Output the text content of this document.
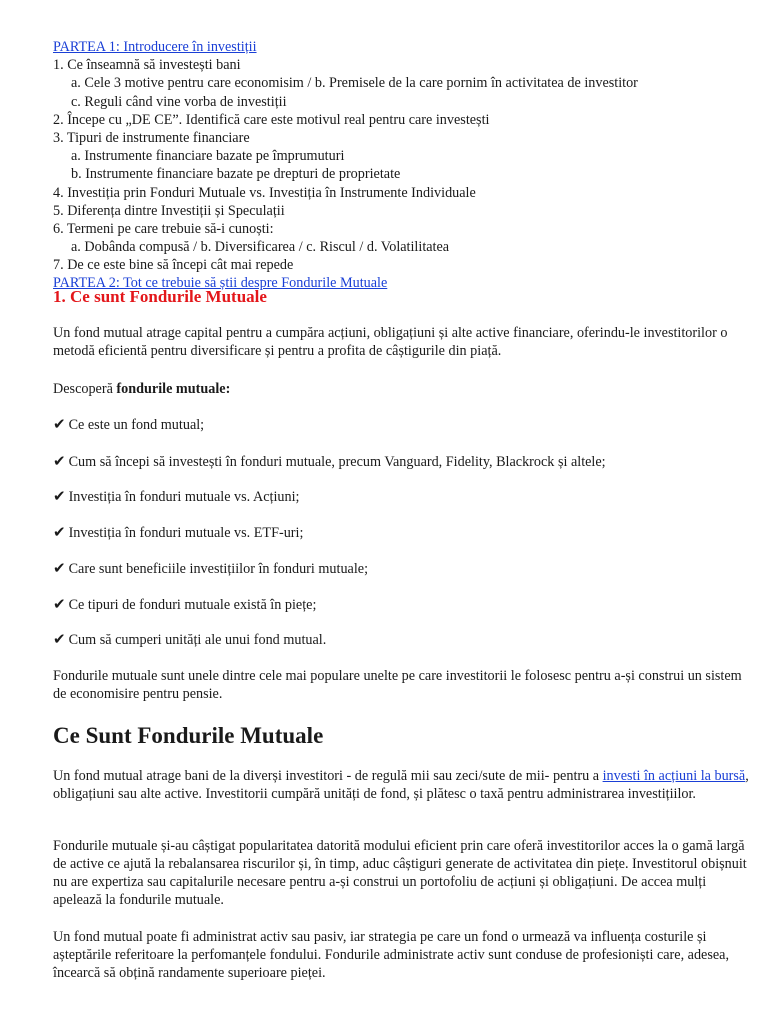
PARTEA 1: Introducere în investiții
1. Ce înseamnă să investești bani
a. Cele 3 motive pentru care economisim / b. Premisele de la care pornim în activitatea de investitor
c. Reguli când vine vorba de investiții
2. Începe cu „DE CE”. Identifică care este motivul real pentru care investești
3. Tipuri de instrumente financiare
a. Instrumente financiare bazate pe împrumuturi
b. Instrumente financiare bazate pe drepturi de proprietate
4. Investiția prin Fonduri Mutuale vs. Investiția în Instrumente Individuale
5. Diferența dintre Investiții și Speculații
6. Termeni pe care trebuie să-i cunoști:
a. Dobânda compusă / b. Diversificarea / c. Riscul / d. Volatilitatea
7. De ce este bine să începi cât mai repede
PARTEA 2: Tot ce trebuie să știi despre Fondurile Mutuale
1. Ce sunt Fondurile Mutuale
Un fond mutual atrage capital pentru a cumpăra acțiuni, obligațiuni și alte active financiare, oferindu-le investitorilor o metodă eficientă pentru diversificare și pentru a profita de câștigurile din piață.
Descoperă fondurile mutuale:
✔ Ce este un fond mutual;
✔ Cum să începi să investești în fonduri mutuale, precum Vanguard, Fidelity, Blackrock și altele;
✔ Investiția în fonduri mutuale vs. Acțiuni;
✔ Investiția în fonduri mutuale vs. ETF-uri;
✔ Care sunt beneficiile investițiilor în fonduri mutuale;
✔ Ce tipuri de fonduri mutuale există în piețe;
✔ Cum să cumperi unități ale unui fond mutual.
Fondurile mutuale sunt unele dintre cele mai populare unelte pe care investitorii le folosesc pentru a-și construi un sistem de economisire pentru pensie.
Ce Sunt Fondurile Mutuale
Un fond mutual atrage bani de la diverși investitori - de regulă mii sau zeci/sute de mii- pentru a investi în acțiuni la bursă, obligațiuni sau alte active. Investitorii cumpără unități de fond, și plătesc o taxă pentru administrarea investițiilor.
Fondurile mutuale și-au câștigat popularitatea datorită modului eficient prin care oferă investitorilor acces la o gamă largă de active ce ajută la rebalansarea riscurilor și, în timp, aduc câștiguri generate de activitatea din piețe. Investitorul obișnuit nu are expertiza sau capitalurile necesare pentru a-și construi un portofoliu de acțiuni și obligațiuni. De accea mulți apelează la fondurile mutuale.
Un fond mutual poate fi administrat activ sau pasiv, iar strategia pe care un fond o urmează va influența costurile și așteptările referitoare la perfomanțele fondului. Fondurile administrate activ sunt conduse de profesioniști care, adesea, încearcă să obțină randamente superioare pieței.
